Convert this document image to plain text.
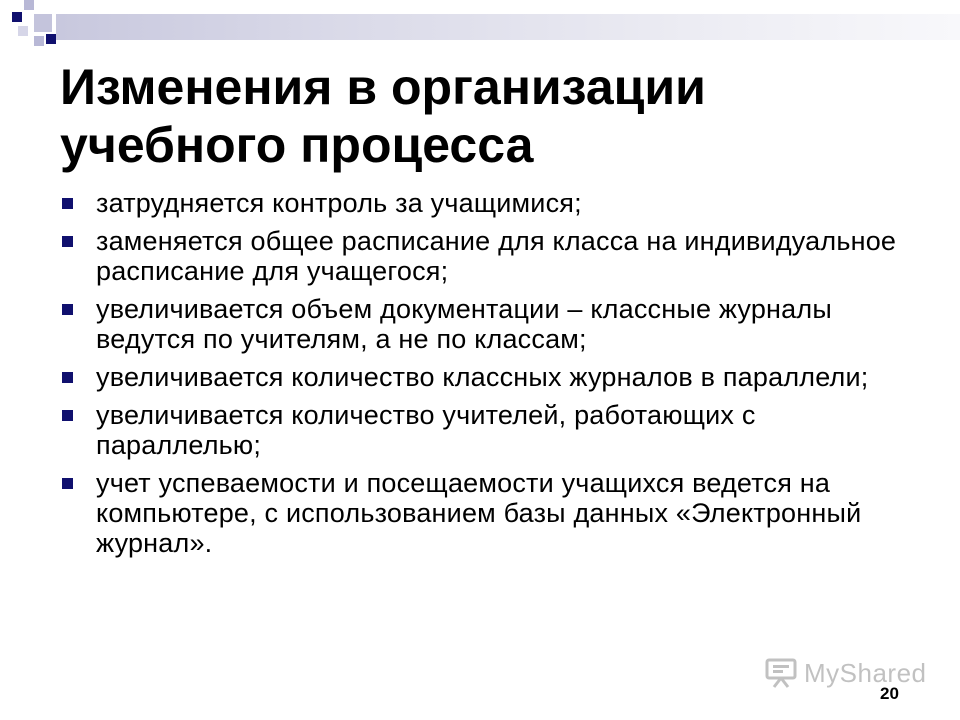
Изменения в организации учебного процесса
затрудняется контроль за учащимися;
заменяется общее расписание для класса на индивидуальное расписание для учащегося;
увеличивается объем документации – классные журналы ведутся по учителям, а не по классам;
увеличивается количество классных журналов в параллели;
увеличивается количество учителей, работающих с параллелью;
учет успеваемости и посещаемости учащихся ведется на компьютере, с использованием базы данных «Электронный журнал».
MyShared
20
